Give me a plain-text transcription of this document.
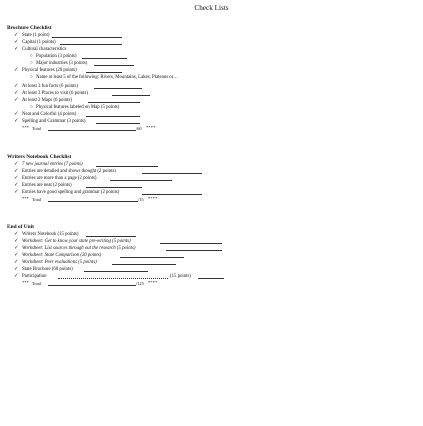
Check Lists
Brochure Checklist
✓ State (1 point)
✓ Capital (1 points)
✓ Cultural characteristics
○ Population (3 points)
○ Major industries (3 points)
✓ Physical features (20 points)
○ Name at least 5 of the following: Rivers, Mountains, Lakes, Plateaus or…
✓ At least 3 fun facts (6 points)
✓ At least 3 Places to visit (6 points)
✓ At least 2 Maps (6 points)
○ Physical features labeled on Map (5 points)
✓ Neat and Colorful (4 points)
✓ Spelling and Grammar (3 points)
*** Total	/60 ****
Writers Notebook Checklist
✓ 7 new journal entries (7 points)
✓ Entries are detailed and shows thought (2 points)
✓ Entries are more than a page (2 points)
✓ Entries are neat (2 points)
✓ Entries have good spelling and grammar (2 points)
*** Total	/15 ****
End of Unit
✓ Writers Notebook (15 points)
✓ Worksheet: Get to know your state pre-writing (5 points)
✓ Worksheet: List sources through out the research (5 points)
✓ Worksheet: State Comparison (20 points)
✓ Worksheet: Peer evaluations (5 points)
✓ State Brochure (60 points)
✓ Participation	(15 points)
*** Total	/125 ****
